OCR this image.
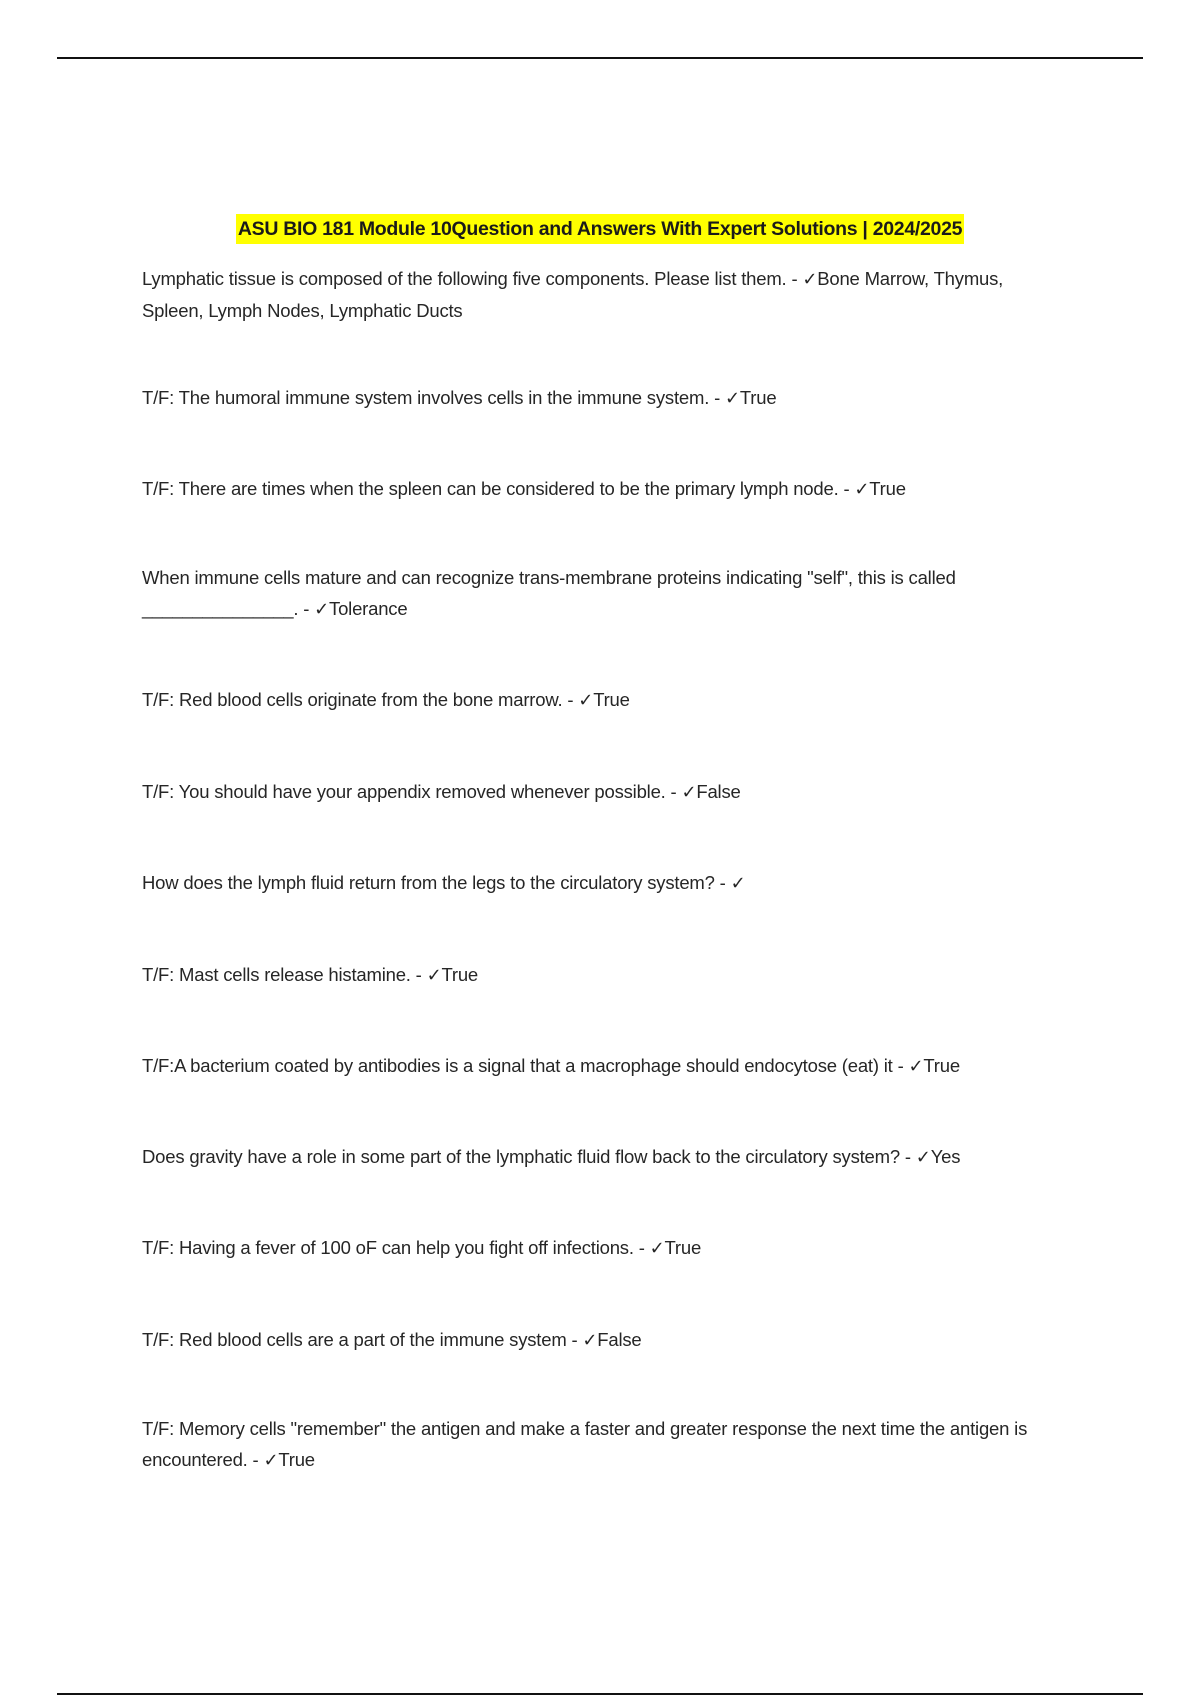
ASU BIO 181 Module 10Question and Answers With Expert Solutions | 2024/2025
Lymphatic tissue is composed of the following five components. Please list them. - ✓Bone Marrow, Thymus, Spleen, Lymph Nodes, Lymphatic Ducts
T/F: The humoral immune system involves cells in the immune system. - ✓True
T/F: There are times when the spleen can be considered to be the primary lymph node. - ✓True
When immune cells mature and can recognize trans-membrane proteins indicating "self", this is called _______________. - ✓Tolerance
T/F: Red blood cells originate from the bone marrow. - ✓True
T/F: You should have your appendix removed whenever possible. - ✓False
How does the lymph fluid return from the legs to the circulatory system? - ✓
T/F: Mast cells release histamine. - ✓True
T/F:A bacterium coated by antibodies is a signal that a macrophage should endocytose (eat) it - ✓True
Does gravity have a role in some part of the lymphatic fluid flow back to the circulatory system? - ✓Yes
T/F: Having a fever of 100 oF can help you fight off infections. - ✓True
T/F: Red blood cells are a part of the immune system - ✓False
T/F: Memory cells "remember" the antigen and make a faster and greater response the next time the antigen is encountered. - ✓True
